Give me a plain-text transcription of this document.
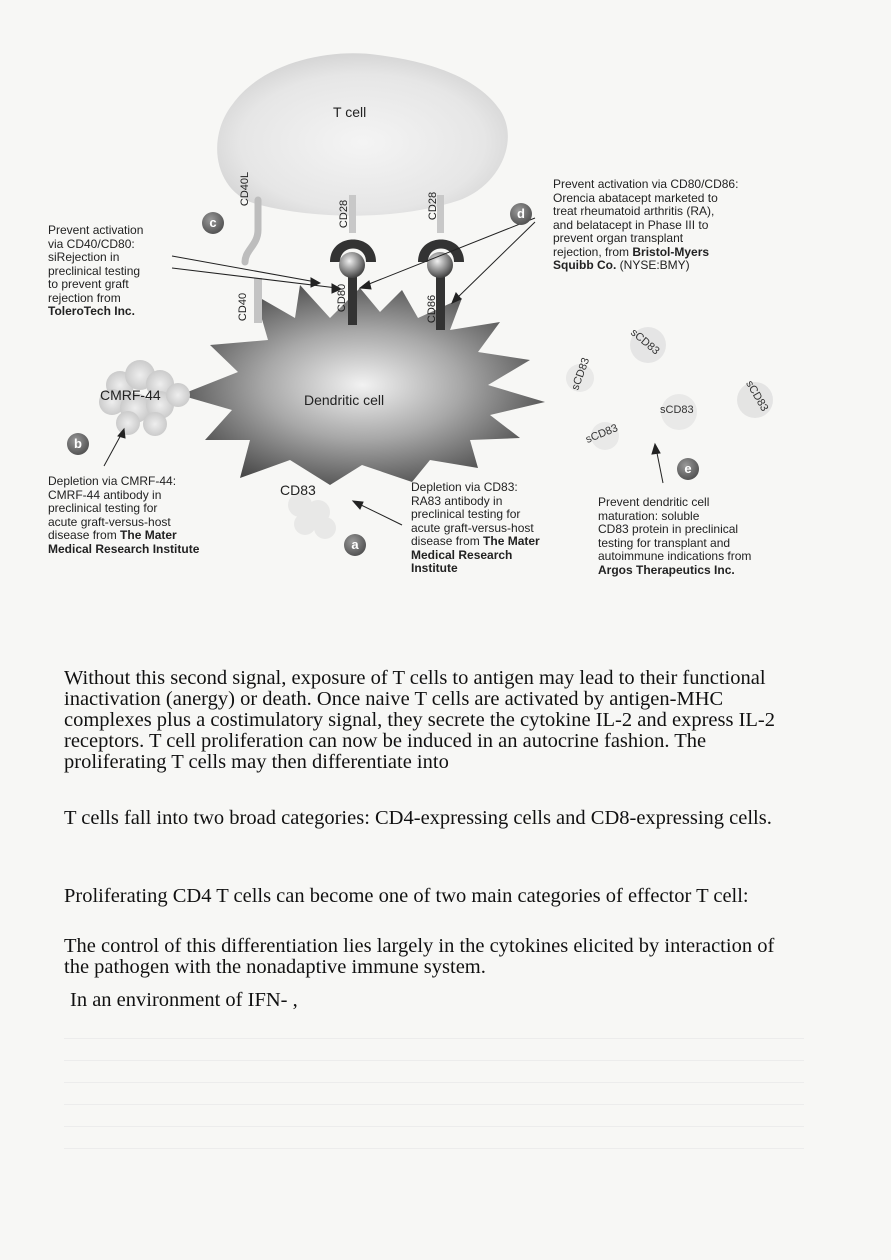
T cell
Dendritic cell
CD40L
CD28	CD28
CD40	CD80	CD86
CMRF-44
CD83
sCD83
sCD83
sCD83	sCD83
sCD83
c
d
b
a
e
Prevent activation
via CD40/CD80:
siRejection in
preclinical testing
to prevent graft
rejection from
ToleroTech Inc.
Prevent activation via CD80/CD86:
Orencia abatacept marketed to
treat rheumatoid arthritis (RA),
and belatacept in Phase III to
prevent organ transplant
rejection, from Bristol-Myers
Squibb Co. (NYSE:BMY)
Depletion via CMRF-44:
CMRF-44 antibody in
preclinical testing for
acute graft-versus-host
disease from The Mater
Medical Research Institute
Depletion via CD83:
RA83 antibody in
preclinical testing for
acute graft-versus-host
disease from The Mater
Medical Research
Institute
Prevent dendritic cell
maturation: soluble
CD83 protein in preclinical
testing for transplant and
autoimmune indications from
Argos Therapeutics Inc.

Without this second signal, exposure of T cells to antigen may lead to their functional inactivation (anergy) or death. Once naive T cells are activated by antigen-MHC complexes plus a costimulatory signal, they secrete the cytokine IL-2 and express IL-2 receptors. T cell proliferation can now be induced in an autocrine fashion. The proliferating T cells may then differentiate into

T cells fall into two broad categories: CD4-expressing cells and CD8-expressing cells.

Proliferating CD4 T cells can become one of two main categories of effector T cell:

The control of this differentiation lies largely in the cytokines elicited by interaction of the pathogen with the nonadaptive immune system.

In an environment of IFN- ,
